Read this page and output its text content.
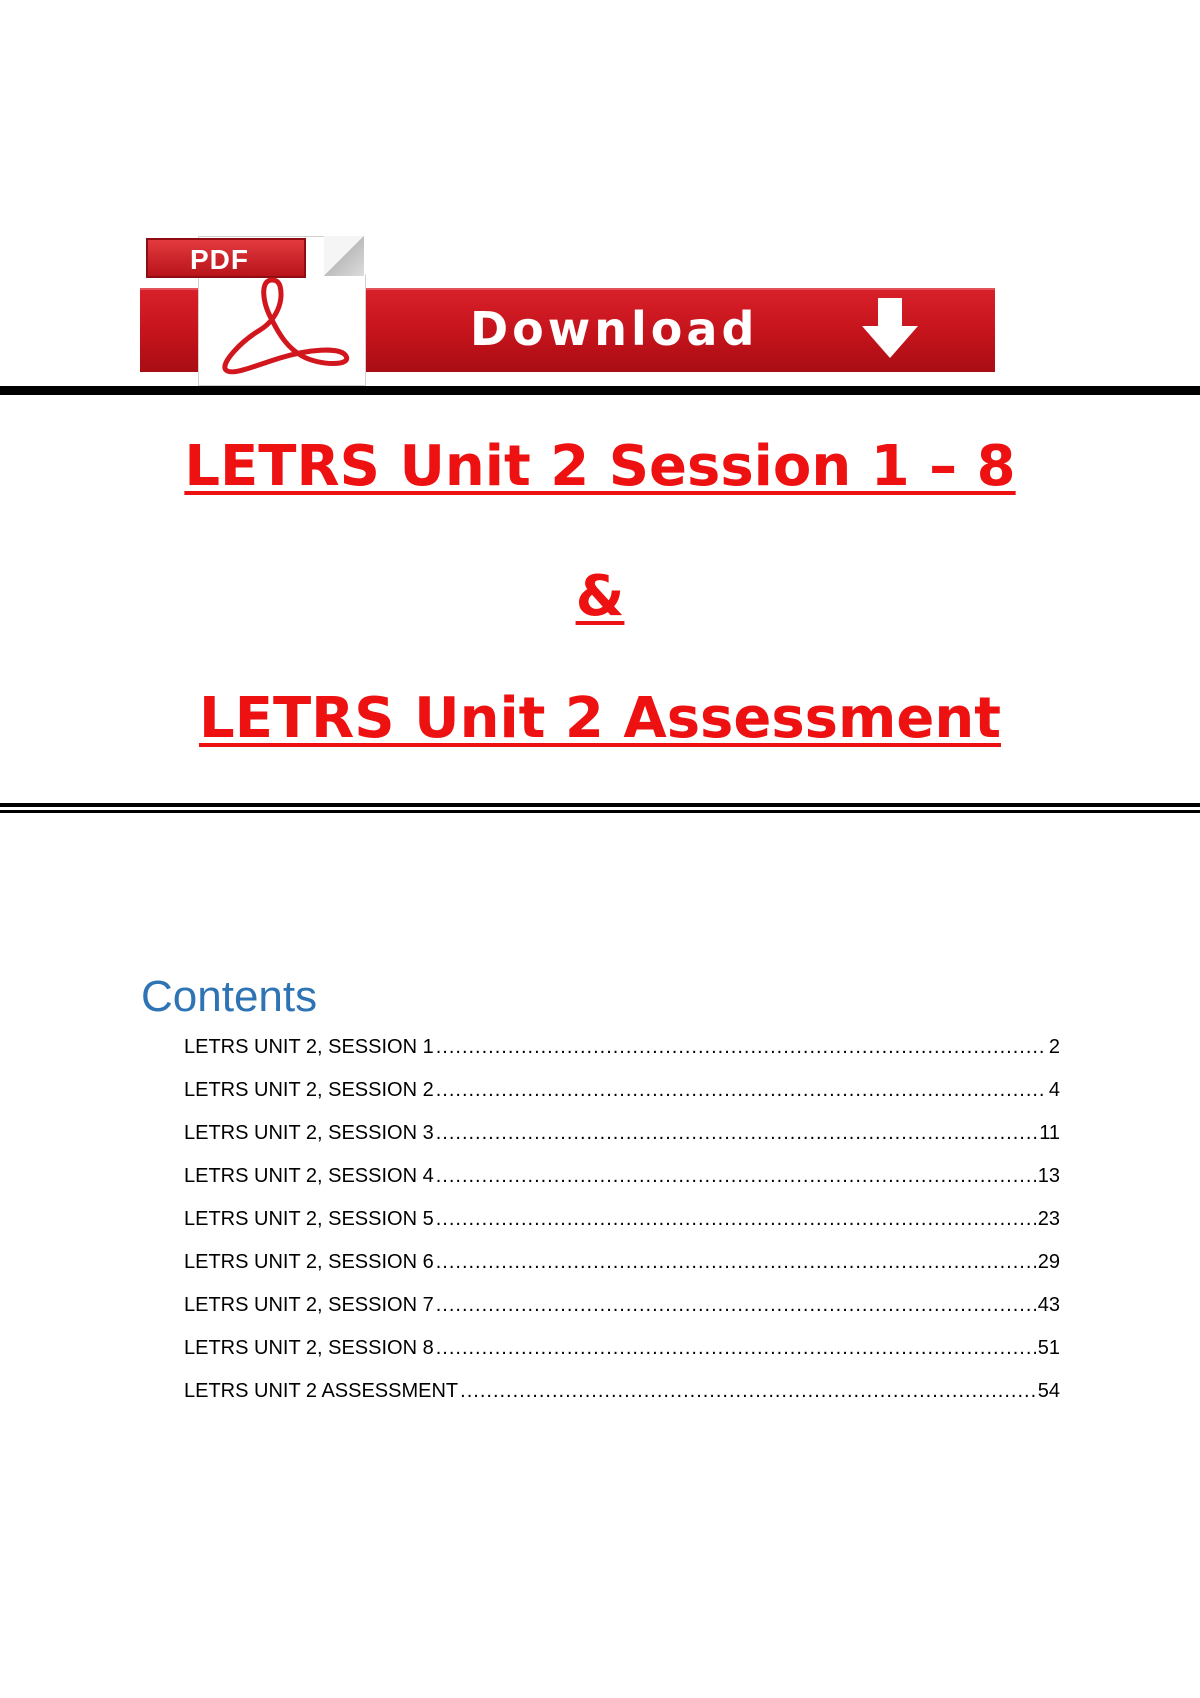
PDF
Download
LETRS Unit 2 Session 1 – 8
&
LETRS Unit 2 Assessment
Contents
LETRS UNIT 2, SESSION 1 .....	2
LETRS UNIT 2, SESSION 2 .....	4
LETRS UNIT 2, SESSION 3 .....	11
LETRS UNIT 2, SESSION 4 .....	13
LETRS UNIT 2, SESSION 5 .....	23
LETRS UNIT 2, SESSION 6 .....	29
LETRS UNIT 2, SESSION 7 .....	43
LETRS UNIT 2, SESSION 8 .....	51
LETRS UNIT 2 ASSESSMENT .....	54
